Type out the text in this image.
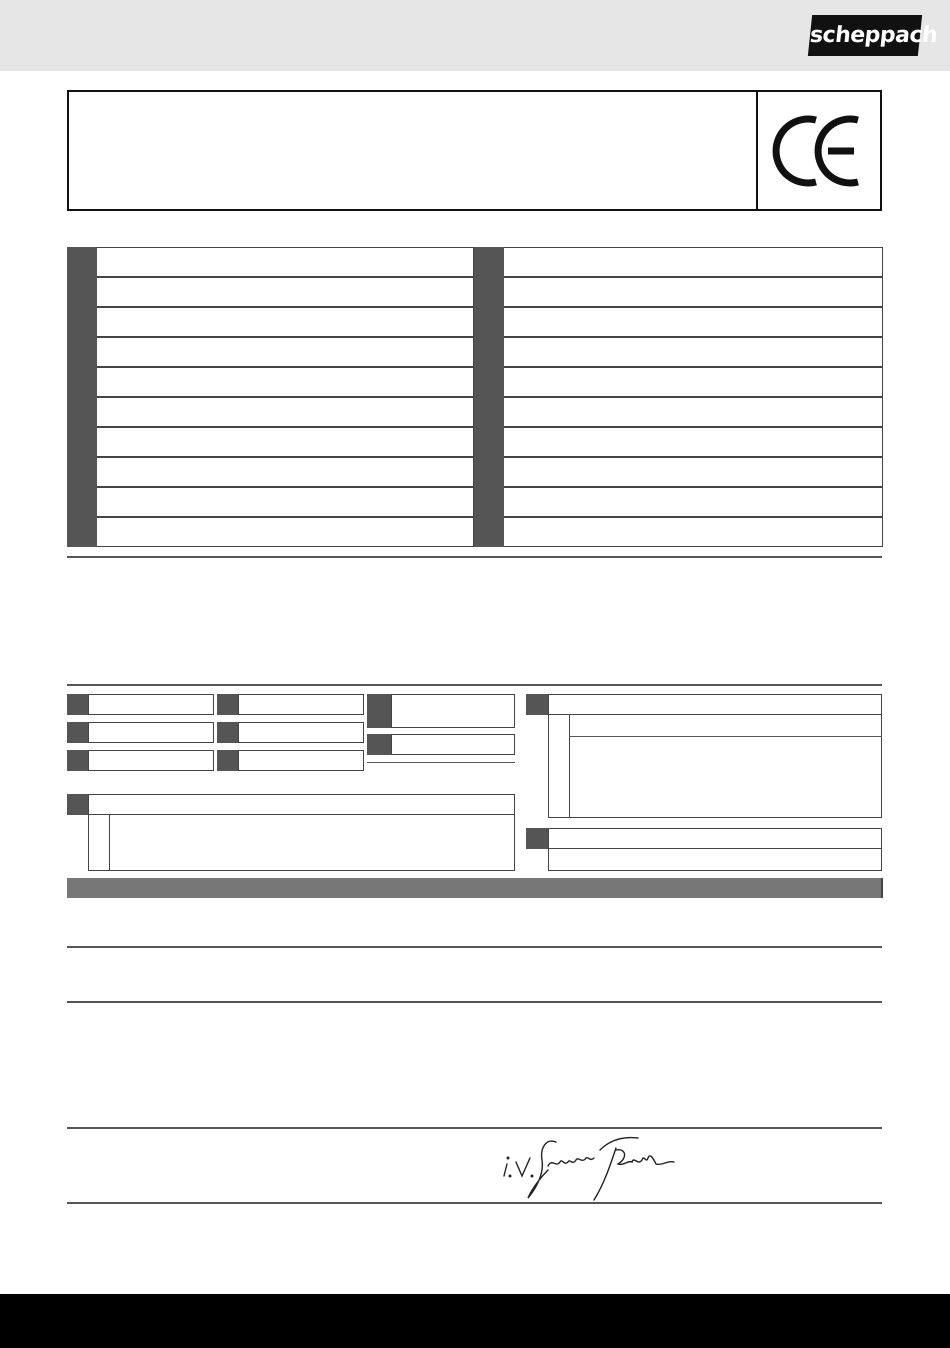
scheppach
